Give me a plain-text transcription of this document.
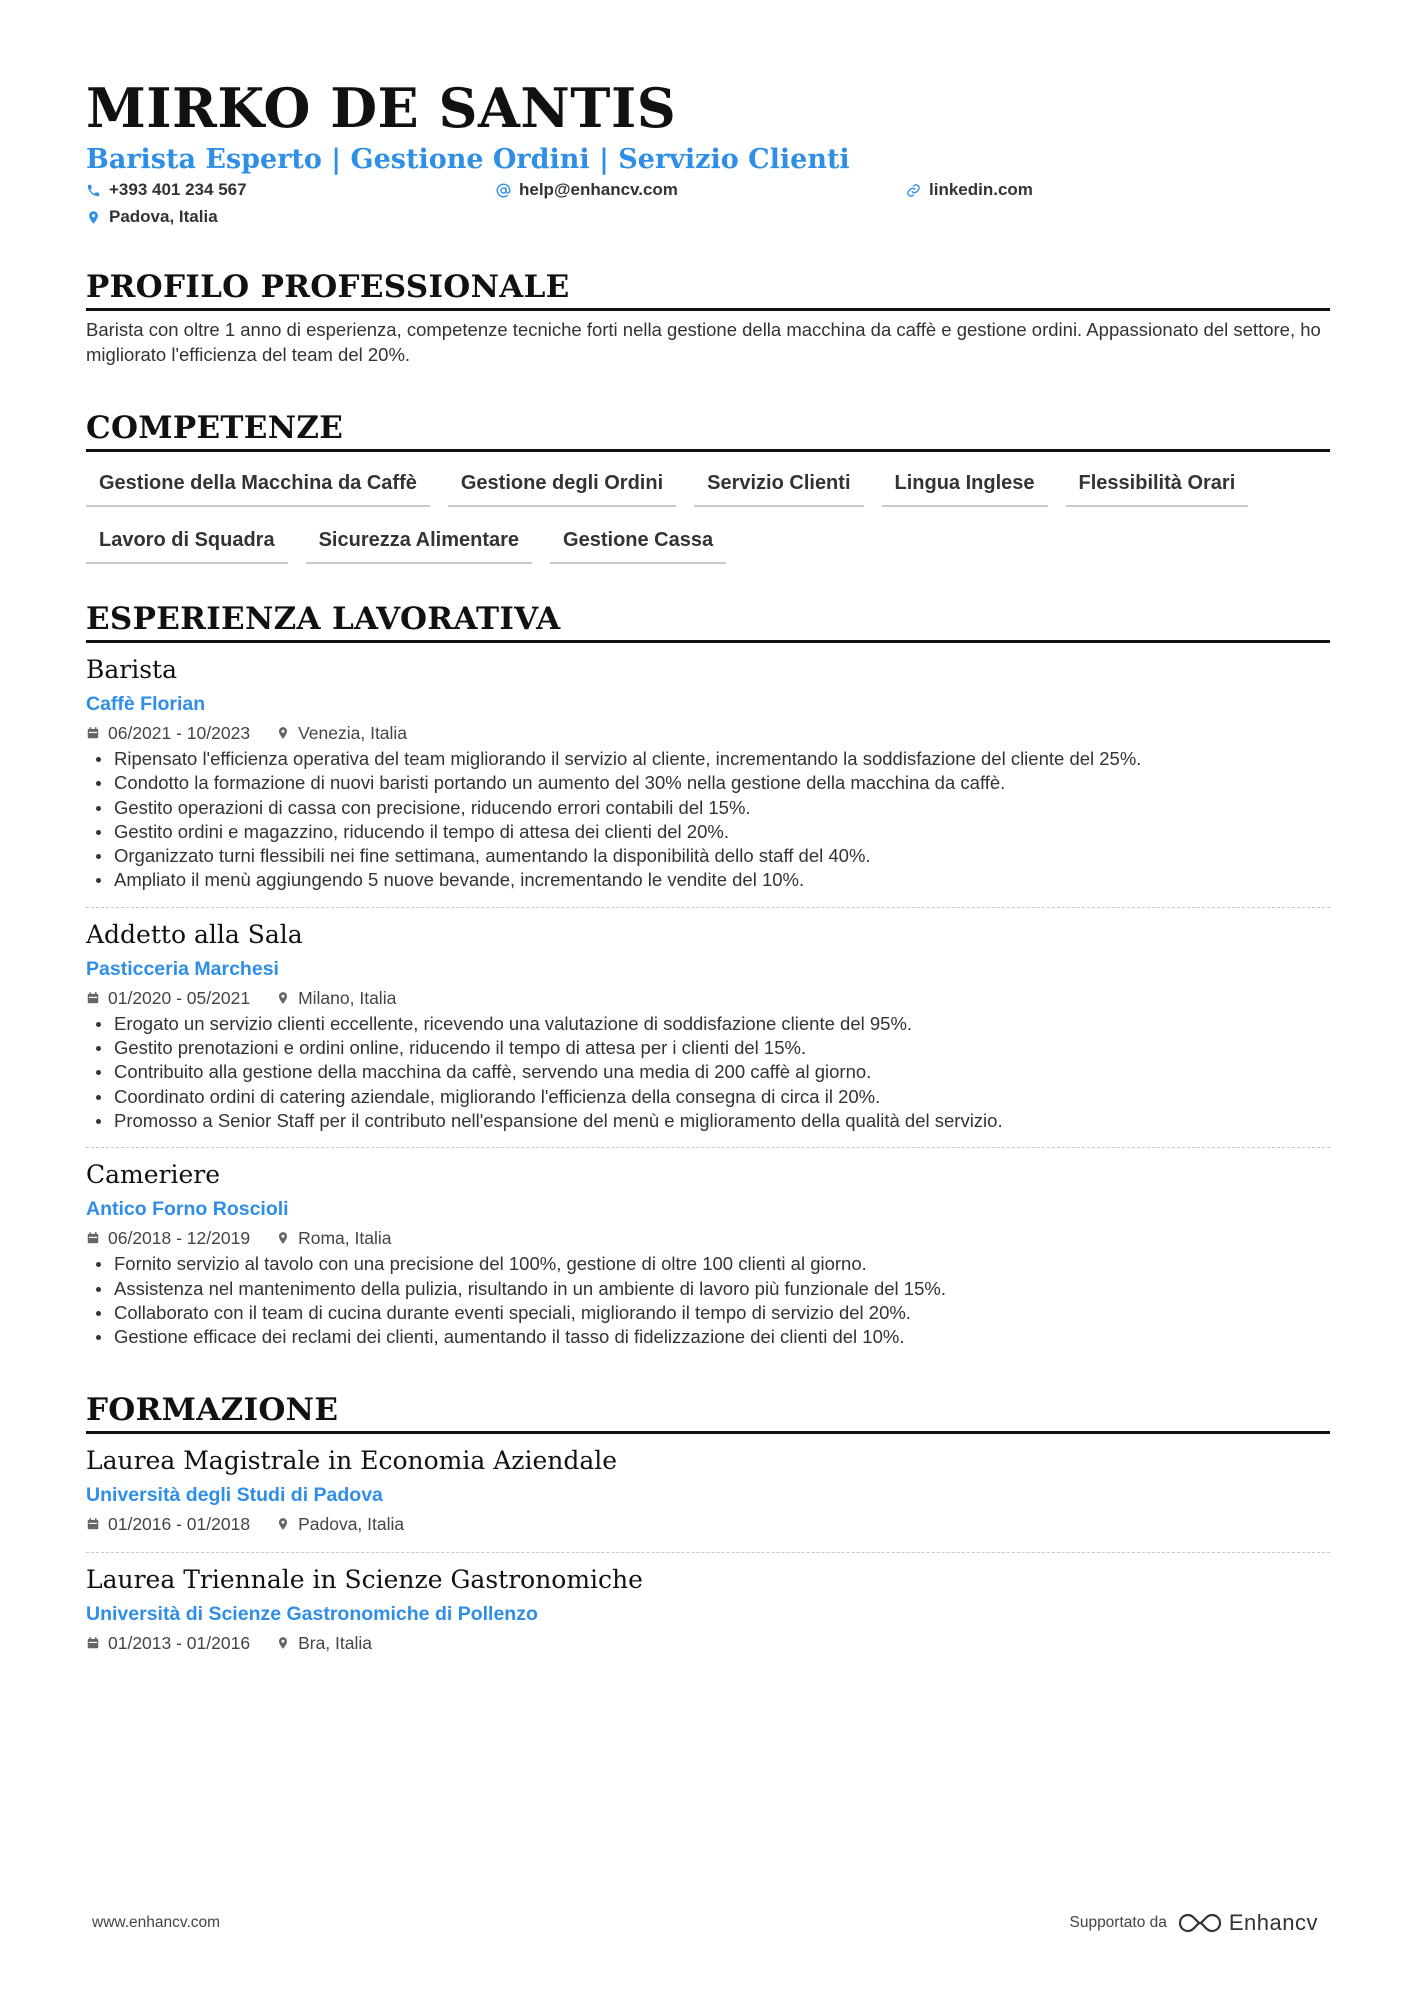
MIRKO DE SANTIS
Barista Esperto | Gestione Ordini | Servizio Clienti
+393 401 234 567	help@enhancv.com	linkedin.com
Padova, Italia
PROFILO PROFESSIONALE
Barista con oltre 1 anno di esperienza, competenze tecniche forti nella gestione della macchina da caffè e gestione ordini. Appassionato del settore, ho migliorato l'efficienza del team del 20%.
COMPETENZE
Gestione della Macchina da Caffè	Gestione degli Ordini	Servizio Clienti	Lingua Inglese	Flessibilità Orari
Lavoro di Squadra	Sicurezza Alimentare	Gestione Cassa
ESPERIENZA LAVORATIVA
Barista
Caffè Florian
06/2021 - 10/2023	Venezia, Italia
Ripensato l'efficienza operativa del team migliorando il servizio al cliente, incrementando la soddisfazione del cliente del 25%.
Condotto la formazione di nuovi baristi portando un aumento del 30% nella gestione della macchina da caffè.
Gestito operazioni di cassa con precisione, riducendo errori contabili del 15%.
Gestito ordini e magazzino, riducendo il tempo di attesa dei clienti del 20%.
Organizzato turni flessibili nei fine settimana, aumentando la disponibilità dello staff del 40%.
Ampliato il menù aggiungendo 5 nuove bevande, incrementando le vendite del 10%.
Addetto alla Sala
Pasticceria Marchesi
01/2020 - 05/2021	Milano, Italia
Erogato un servizio clienti eccellente, ricevendo una valutazione di soddisfazione cliente del 95%.
Gestito prenotazioni e ordini online, riducendo il tempo di attesa per i clienti del 15%.
Contribuito alla gestione della macchina da caffè, servendo una media di 200 caffè al giorno.
Coordinato ordini di catering aziendale, migliorando l'efficienza della consegna di circa il 20%.
Promosso a Senior Staff per il contributo nell'espansione del menù e miglioramento della qualità del servizio.
Cameriere
Antico Forno Roscioli
06/2018 - 12/2019	Roma, Italia
Fornito servizio al tavolo con una precisione del 100%, gestione di oltre 100 clienti al giorno.
Assistenza nel mantenimento della pulizia, risultando in un ambiente di lavoro più funzionale del 15%.
Collaborato con il team di cucina durante eventi speciali, migliorando il tempo di servizio del 20%.
Gestione efficace dei reclami dei clienti, aumentando il tasso di fidelizzazione dei clienti del 10%.
FORMAZIONE
Laurea Magistrale in Economia Aziendale
Università degli Studi di Padova
01/2016 - 01/2018	Padova, Italia
Laurea Triennale in Scienze Gastronomiche
Università di Scienze Gastronomiche di Pollenzo
01/2013 - 01/2016	Bra, Italia
www.enhancv.com	Supportato da	Enhancv
